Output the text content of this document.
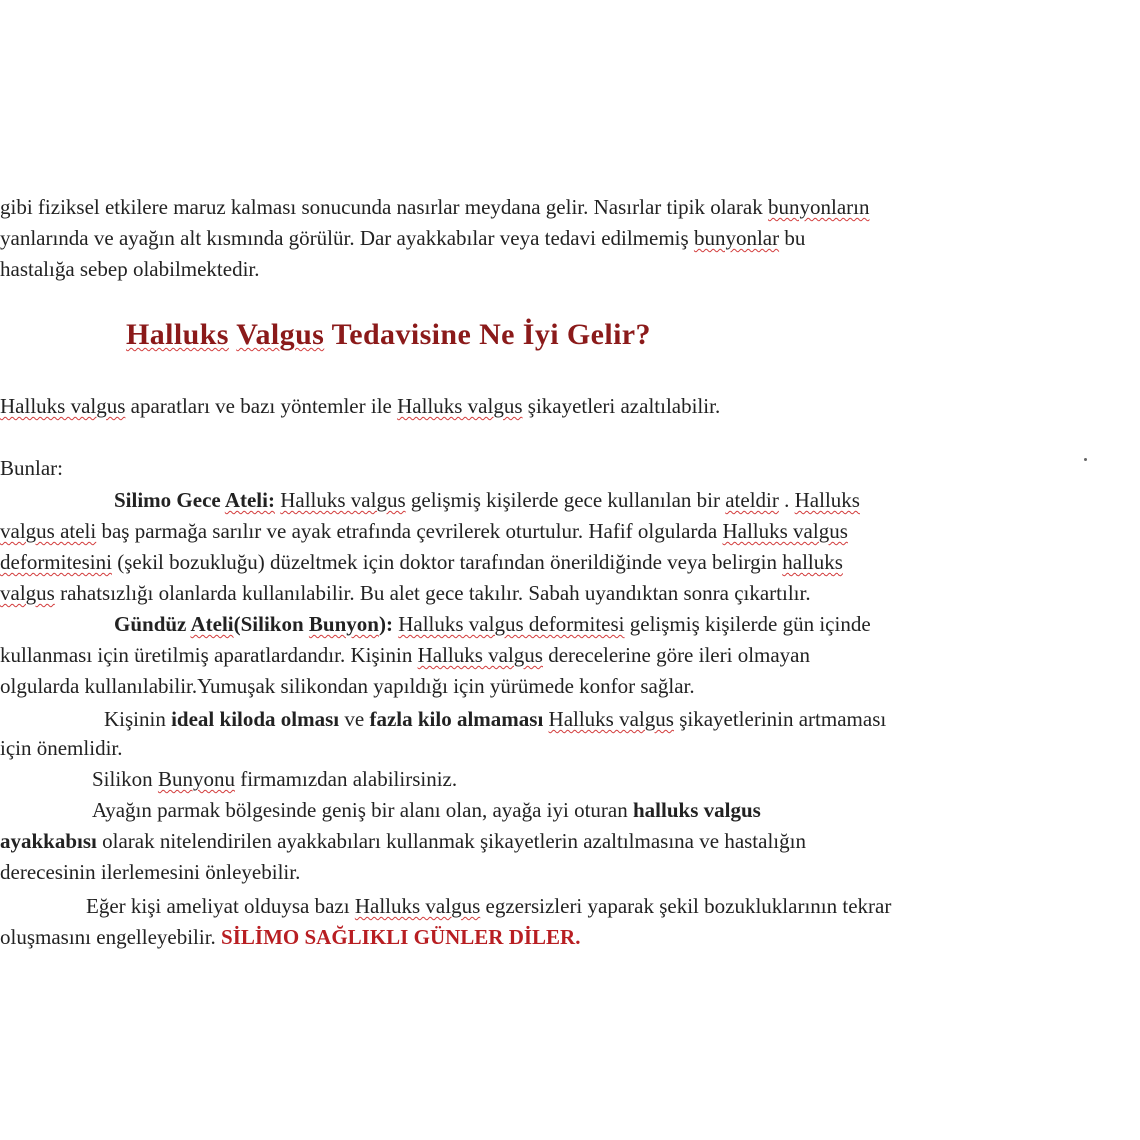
gibi fiziksel etkilere maruz kalması sonucunda nasırlar meydana gelir. Nasırlar tipik olarak bunyonların
yanlarında ve ayağın alt kısmında görülür. Dar ayakkabılar veya tedavi edilmemiş bunyonlar bu
hastalığa sebep olabilmektedir.
Halluks Valgus Tedavisine Ne İyi Gelir?
Halluks valgus aparatları ve bazı yöntemler ile Halluks valgus şikayetleri azaltılabilir.
Bunlar:
Silimo Gece Ateli: Halluks valgus gelişmiş kişilerde gece kullanılan bir ateldir . Halluks
valgus ateli baş parmağa sarılır ve ayak etrafında çevrilerek oturtulur. Hafif olgularda Halluks valgus
deformitesini (şekil bozukluğu) düzeltmek için doktor tarafından önerildiğinde veya belirgin halluks
valgus rahatsızlığı olanlarda kullanılabilir. Bu alet gece takılır. Sabah uyandıktan sonra çıkartılır.
Gündüz Ateli(Silikon Bunyon): Halluks valgus deformitesi gelişmiş kişilerde gün içinde
kullanması için üretilmiş aparatlardandır. Kişinin Halluks valgus derecelerine göre ileri olmayan
olgularda kullanılabilir.Yumuşak silikondan yapıldığı için yürümede konfor sağlar.
Kişinin ideal kiloda olması ve fazla kilo almaması Halluks valgus şikayetlerinin artmaması
için önemlidir.
Silikon Bunyonu firmamızdan alabilirsiniz.
Ayağın parmak bölgesinde geniş bir alanı olan, ayağa iyi oturan halluks valgus
ayakkabısı olarak nitelendirilen ayakkabıları kullanmak şikayetlerin azaltılmasına ve hastalığın
derecesinin ilerlemesini önleyebilir.
Eğer kişi ameliyat olduysa bazı Halluks valgus egzersizleri yaparak şekil bozukluklarının tekrar
oluşmasını engelleyebilir. SİLİMO SAĞLIKLI GÜNLER DİLER.
